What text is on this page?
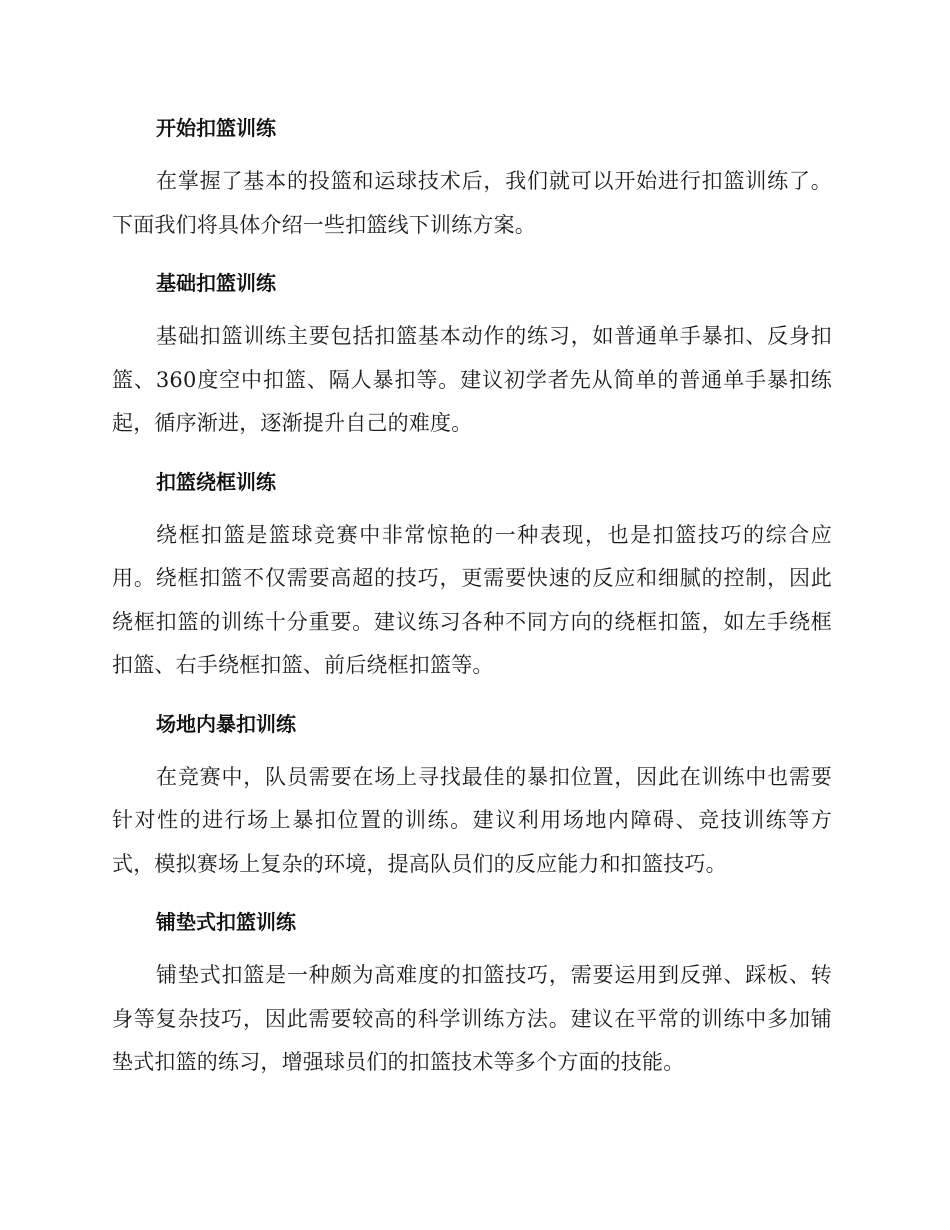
开始扣篮训练

在掌握了基本的投篮和运球技术后，我们就可以开始进行扣篮训练了。下面我们将具体介绍一些扣篮线下训练方案。

基础扣篮训练

基础扣篮训练主要包括扣篮基本动作的练习，如普通单手暴扣、反身扣篮、360度空中扣篮、隔人暴扣等。建议初学者先从简单的普通单手暴扣练起，循序渐进，逐渐提升自己的难度。

扣篮绕框训练

绕框扣篮是篮球竞赛中非常惊艳的一种表现，也是扣篮技巧的综合应用。绕框扣篮不仅需要高超的技巧，更需要快速的反应和细腻的控制，因此绕框扣篮的训练十分重要。建议练习各种不同方向的绕框扣篮，如左手绕框扣篮、右手绕框扣篮、前后绕框扣篮等。

场地内暴扣训练

在竞赛中，队员需要在场上寻找最佳的暴扣位置，因此在训练中也需要针对性的进行场上暴扣位置的训练。建议利用场地内障碍、竞技训练等方式，模拟赛场上复杂的环境，提高队员们的反应能力和扣篮技巧。

铺垫式扣篮训练

铺垫式扣篮是一种颇为高难度的扣篮技巧，需要运用到反弹、踩板、转身等复杂技巧，因此需要较高的科学训练方法。建议在平常的训练中多加铺垫式扣篮的练习，增强球员们的扣篮技术等多个方面的技能。
